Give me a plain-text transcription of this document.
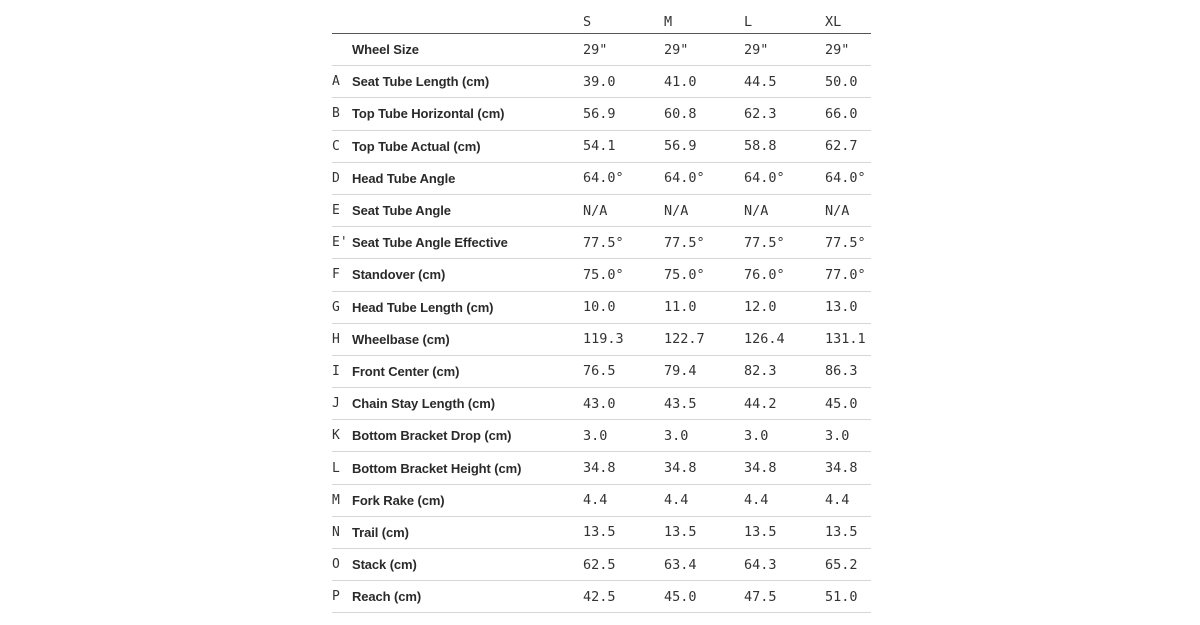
S	M	L	XL
Wheel Size	29"	29"	29"	29"
A Seat Tube Length (cm)	39.0	41.0	44.5	50.0
B Top Tube Horizontal (cm)	56.9	60.8	62.3	66.0
C Top Tube Actual (cm)	54.1	56.9	58.8	62.7
D Head Tube Angle	64.0°	64.0°	64.0°	64.0°
E Seat Tube Angle	N/A	N/A	N/A	N/A
E' Seat Tube Angle Effective	77.5°	77.5°	77.5°	77.5°
F Standover (cm)	75.0°	75.0°	76.0°	77.0°
G Head Tube Length (cm)	10.0	11.0	12.0	13.0
H Wheelbase (cm)	119.3	122.7	126.4	131.1
I Front Center (cm)	76.5	79.4	82.3	86.3
J Chain Stay Length (cm)	43.0	43.5	44.2	45.0
K Bottom Bracket Drop (cm)	3.0	3.0	3.0	3.0
L Bottom Bracket Height (cm)	34.8	34.8	34.8	34.8
M Fork Rake (cm)	4.4	4.4	4.4	4.4
N Trail (cm)	13.5	13.5	13.5	13.5
O Stack (cm)	62.5	63.4	64.3	65.2
P Reach (cm)	42.5	45.0	47.5	51.0
